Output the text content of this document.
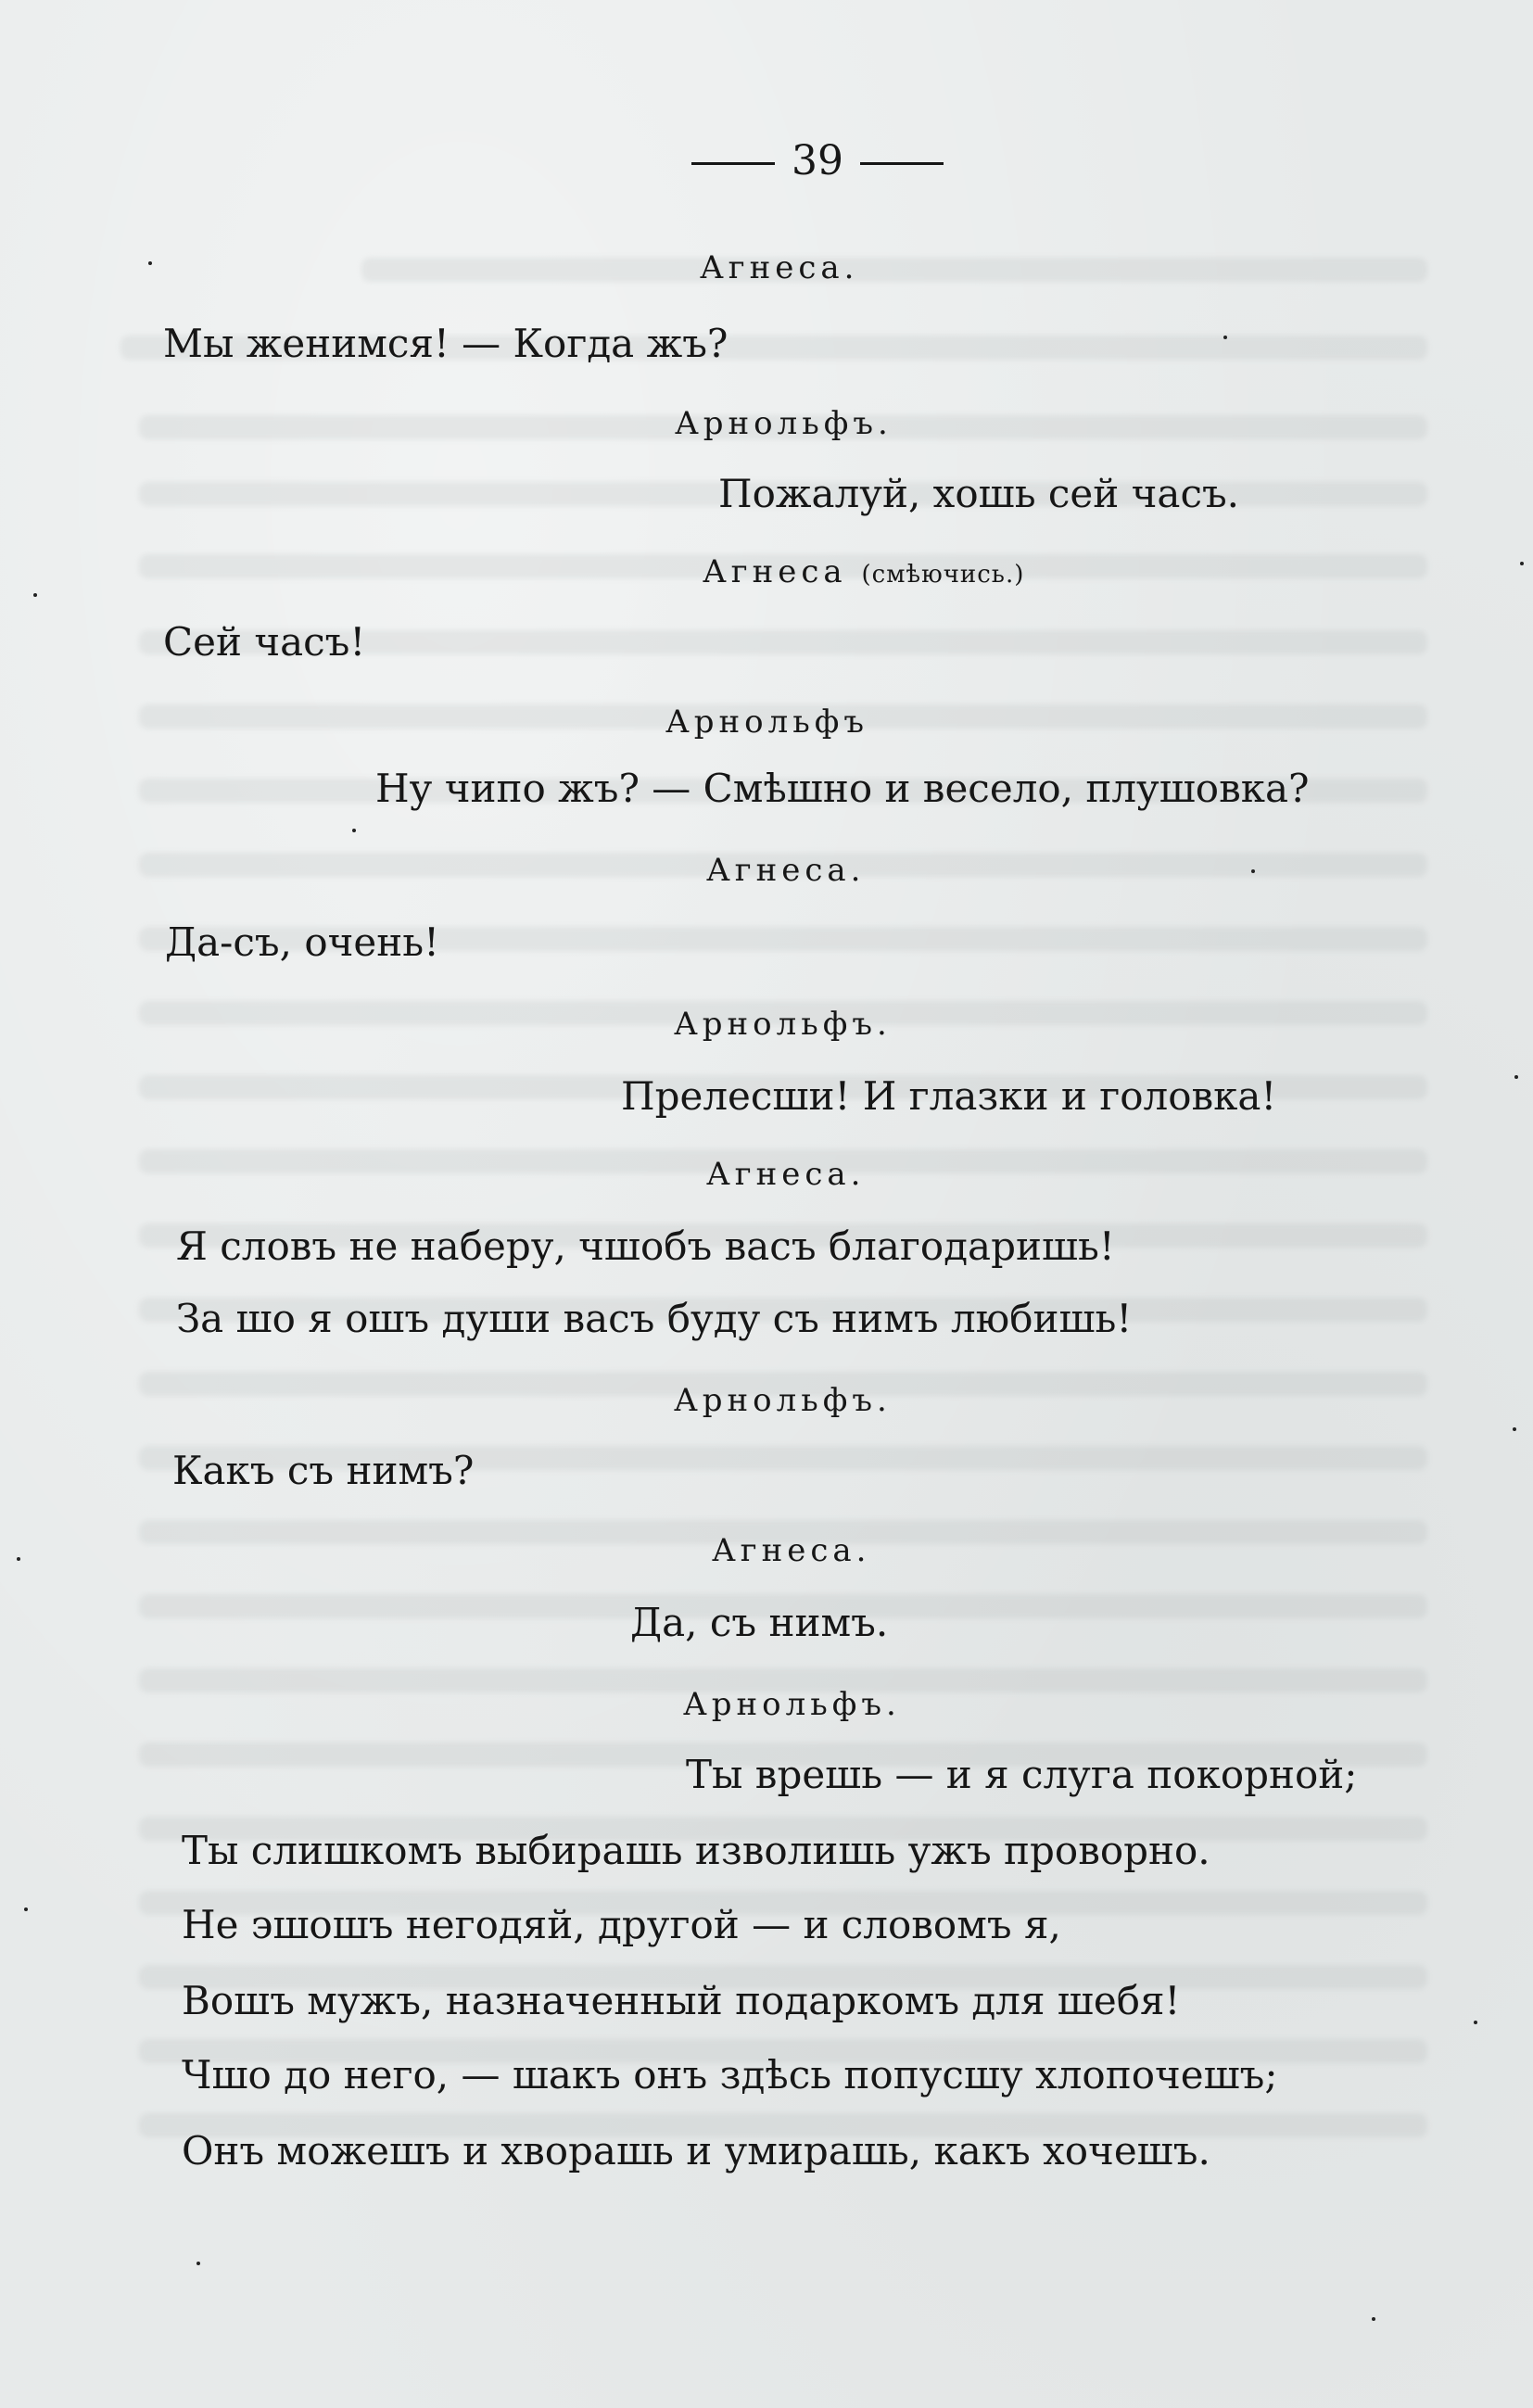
39
Агнеса.
Мы женимся! — Когда жъ?
Арнольфъ.
Пожалуй, хошь сей часъ.
Агнеса (смѣючись.)
Сей часъ!
Арнольфъ
Ну чипо жъ? — Смѣшно и весело, плушовка?
Агнеса.
Да-съ, очень!
Арнольфъ.
Прелесши! И глазки и головка!
Агнеса.
Я словъ не наберу, чшобъ васъ благодаришь!
За шо я ошъ души васъ буду съ нимъ любишь!
Арнольфъ.
Какъ съ нимъ?
Агнеса.
Да, съ нимъ.
Арнольфъ.
Ты врешь — и я слуга покорной;
Ты слишкомъ выбирашь изволишь ужъ проворно.
Не эшошъ негодяй, другой — и словомъ я,
Вошъ мужъ, назначенный подаркомъ для шебя!
Чшо до него, — шакъ онъ здѣсь попусшу хлопочешъ;
Онъ можешъ и хворашь и умирашь, какъ хочешъ.
